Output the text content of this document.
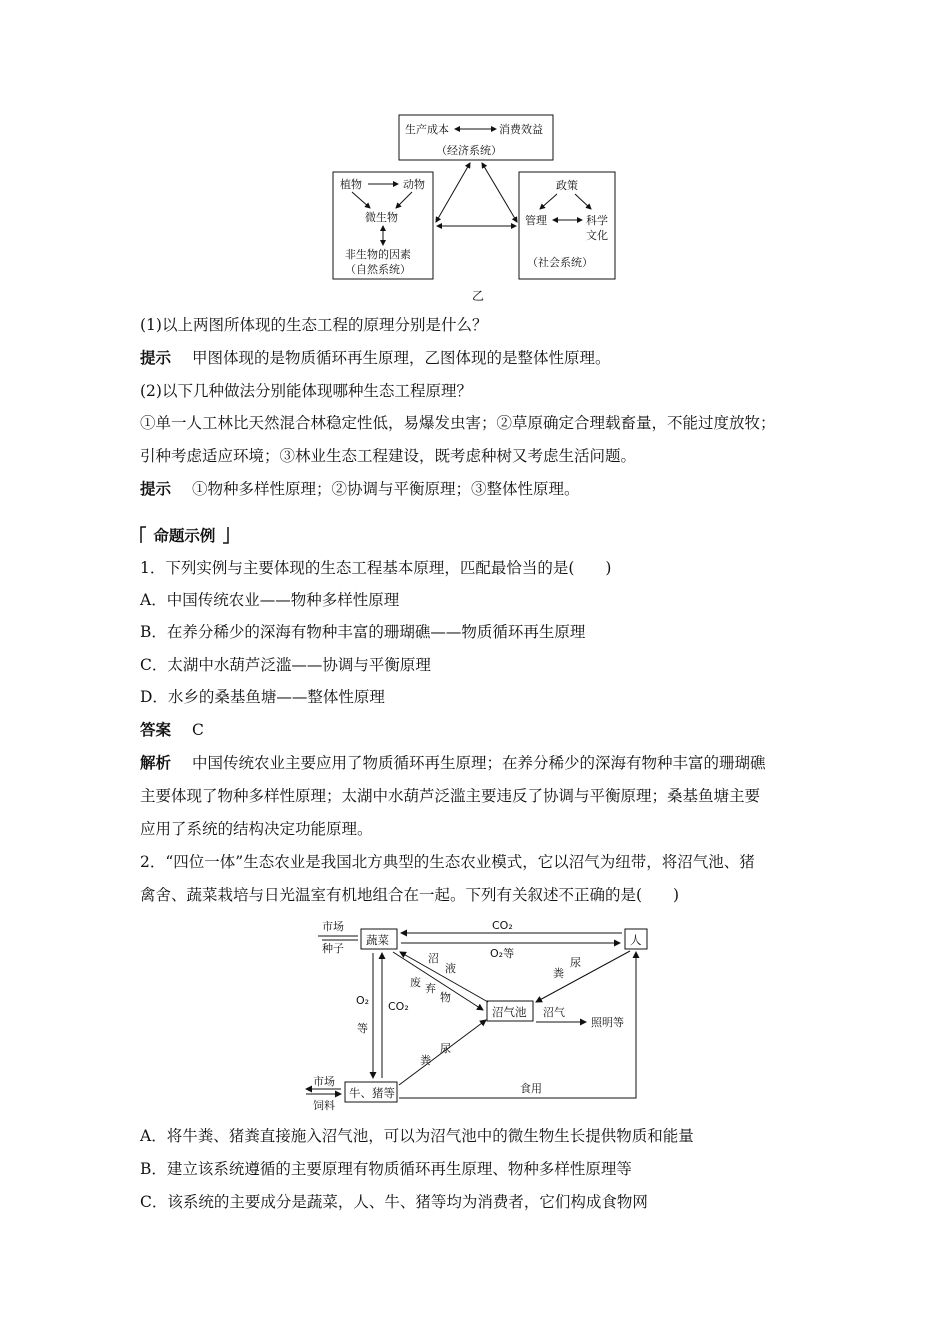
生产成本	消费效益
（经济系统）
植物	动物
微生物
非生物的因素
（自然系统）
政策
管理	科学
文化
（社会系统）
乙
(1)以上两图所体现的生态工程的原理分别是什么？
提示 甲图体现的是物质循环再生原理，乙图体现的是整体性原理。
(2)以下几种做法分别能体现哪种生态工程原理？
①单一人工林比天然混合林稳定性低，易爆发虫害；②草原确定合理载畜量，不能过度放牧；
引种考虑适应环境；③林业生态工程建设，既考虑种树又考虑生活问题。
提示 ①物种多样性原理；②协调与平衡原理；③整体性原理。
命题示例
1．下列实例与主要体现的生态工程基本原理，匹配最恰当的是(　　)
A．中国传统农业——物种多样性原理
B．在养分稀少的深海有物种丰富的珊瑚礁——物质循环再生原理
C．太湖中水葫芦泛滥——协调与平衡原理
D．水乡的桑基鱼塘——整体性原理
答案 C
解析 中国传统农业主要应用了物质循环再生原理；在养分稀少的深海有物种丰富的珊瑚礁
主要体现了物种多样性原理；太湖中水葫芦泛滥主要违反了协调与平衡原理；桑基鱼塘主要
应用了系统的结构决定功能原理。
2．“四位一体”生态农业是我国北方典型的生态农业模式，它以沼气为纽带，将沼气池、猪
禽舍、蔬菜栽培与日光温室有机地组合在一起。下列有关叙述不正确的是(　　)
市场
种子
蔬菜	人
CO₂
O₂等
沼气池
沼
液
废 弃
物
粪
尿
沼气
照明等
O₂ CO₂
等
牛、猪等
市场
饲料
粪
尿
食用
A．将牛粪、猪粪直接施入沼气池，可以为沼气池中的微生物生长提供物质和能量
B．建立该系统遵循的主要原理有物质循环再生原理、物种多样性原理等
C．该系统的主要成分是蔬菜，人、牛、猪等均为消费者，它们构成食物网
